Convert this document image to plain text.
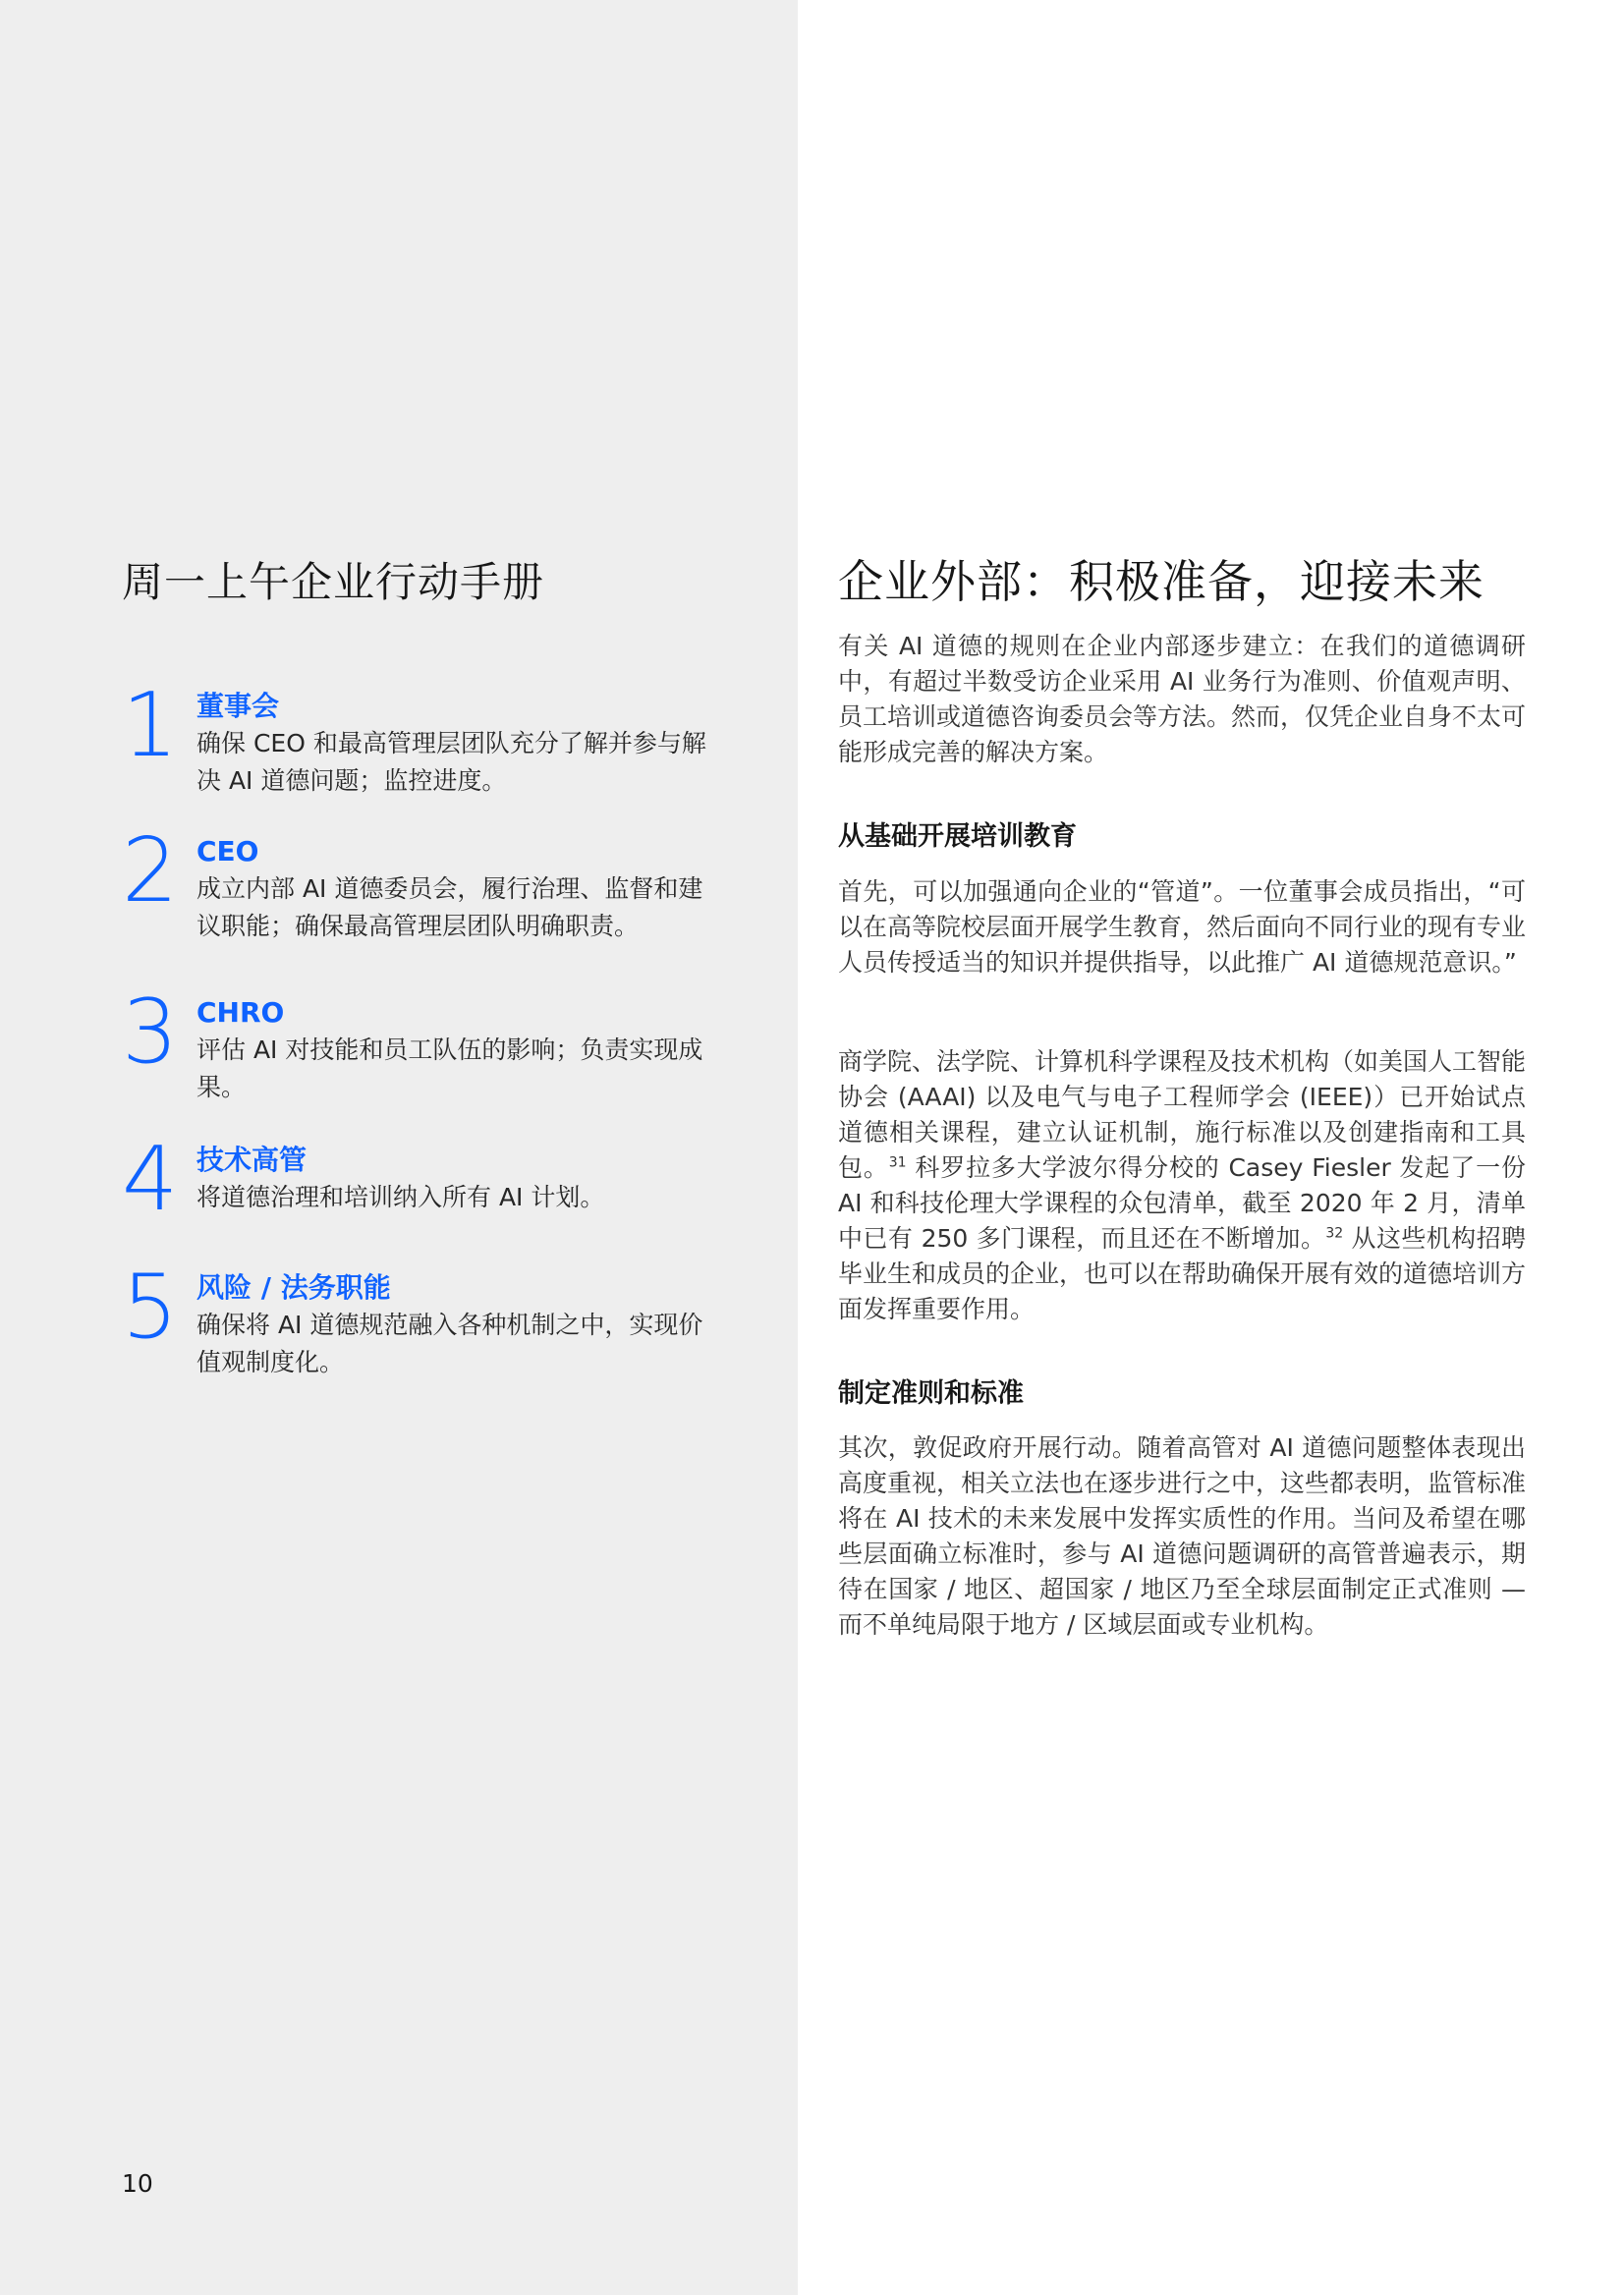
周一上午企业行动手册
1 董事会
确保 CEO 和最高管理层团队充分了解并参与解决 AI 道德问题；监控进度。
2 CEO
成立内部 AI 道德委员会，履行治理、监督和建议职能；确保最高管理层团队明确职责。
3 CHRO
评估 AI 对技能和员工队伍的影响；负责实现成果。
4 技术高管
将道德治理和培训纳入所有 AI 计划。
5 风险 / 法务职能
确保将 AI 道德规范融入各种机制之中，实现价值观制度化。
10
企业外部：积极准备，迎接未来

有关 AI 道德的规则在企业内部逐步建立：在我们的道德调研中，有超过半数受访企业采用 AI 业务行为准则、价值观声明、员工培训或道德咨询委员会等方法。然而，仅凭企业自身不太可能形成完善的解决方案。

从基础开展培训教育

首先，可以加强通向企业的“管道”。一位董事会成员指出，“可以在高等院校层面开展学生教育，然后面向不同行业的现有专业人员传授适当的知识并提供指导，以此推广 AI 道德规范意识。”

商学院、法学院、计算机科学课程及技术机构（如美国人工智能协会 (AAAI) 以及电气与电子工程师学会 (IEEE)）已开始试点道德相关课程，建立认证机制，施行标准以及创建指南和工具包。$^{31}$ 科罗拉多大学波尔得分校的 Casey Fiesler 发起了一份 AI 和科技伦理大学课程的众包清单，截至 2020 年 2 月，清单中已有 250 多门课程，而且还在不断增加。$^{32}$ 从这些机构招聘毕业生和成员的企业，也可以在帮助确保开展有效的道德培训方面发挥重要作用。

制定准则和标准

其次，敦促政府开展行动。随着高管对 AI 道德问题整体表现出高度重视，相关立法也在逐步进行之中，这些都表明，监管标准将在 AI 技术的未来发展中发挥实质性的作用。当问及希望在哪些层面确立标准时，参与 AI 道德问题调研的高管普遍表示，期待在国家 / 地区、超国家 / 地区乃至全球层面制定正式准则 — 而不单纯局限于地方 / 区域层面或专业机构。
